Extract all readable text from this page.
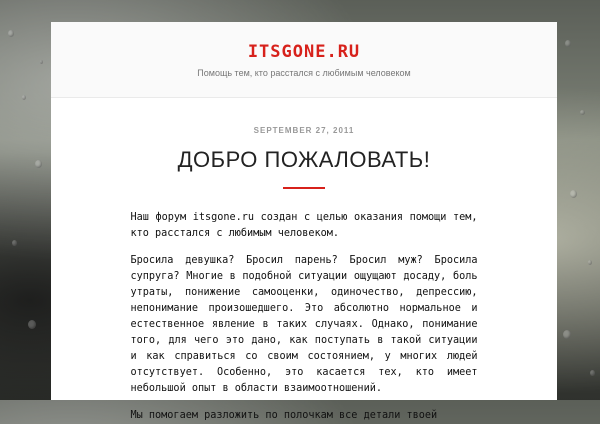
ITSGONE.RU
Помощь тем, кто расстался с любимым человеком
SEPTEMBER 27, 2011
ДОБРО ПОЖАЛОВАТЬ!

Наш форум itsgone.ru создан с целью оказания помощи тем, кто расстался с любимым человеком.

Бросила девушка? Бросил парень? Бросил муж? Бросила супруга? Многие в подобной ситуации ощущают досаду, боль утраты, понижение самооценки, одиночество, депрессию, непонимание произошедшего. Это абсолютно нормальное и естественное явление в таких случаях. Однако, понимание того, для чего это дано, как поступать в такой ситуации и как справиться со своим состоянием, у многих людей отсутствует. Особенно, это касается тех, кто имеет небольшой опыт в области взаимоотношений.

Мы помогаем разложить по полочкам все детали твоей
